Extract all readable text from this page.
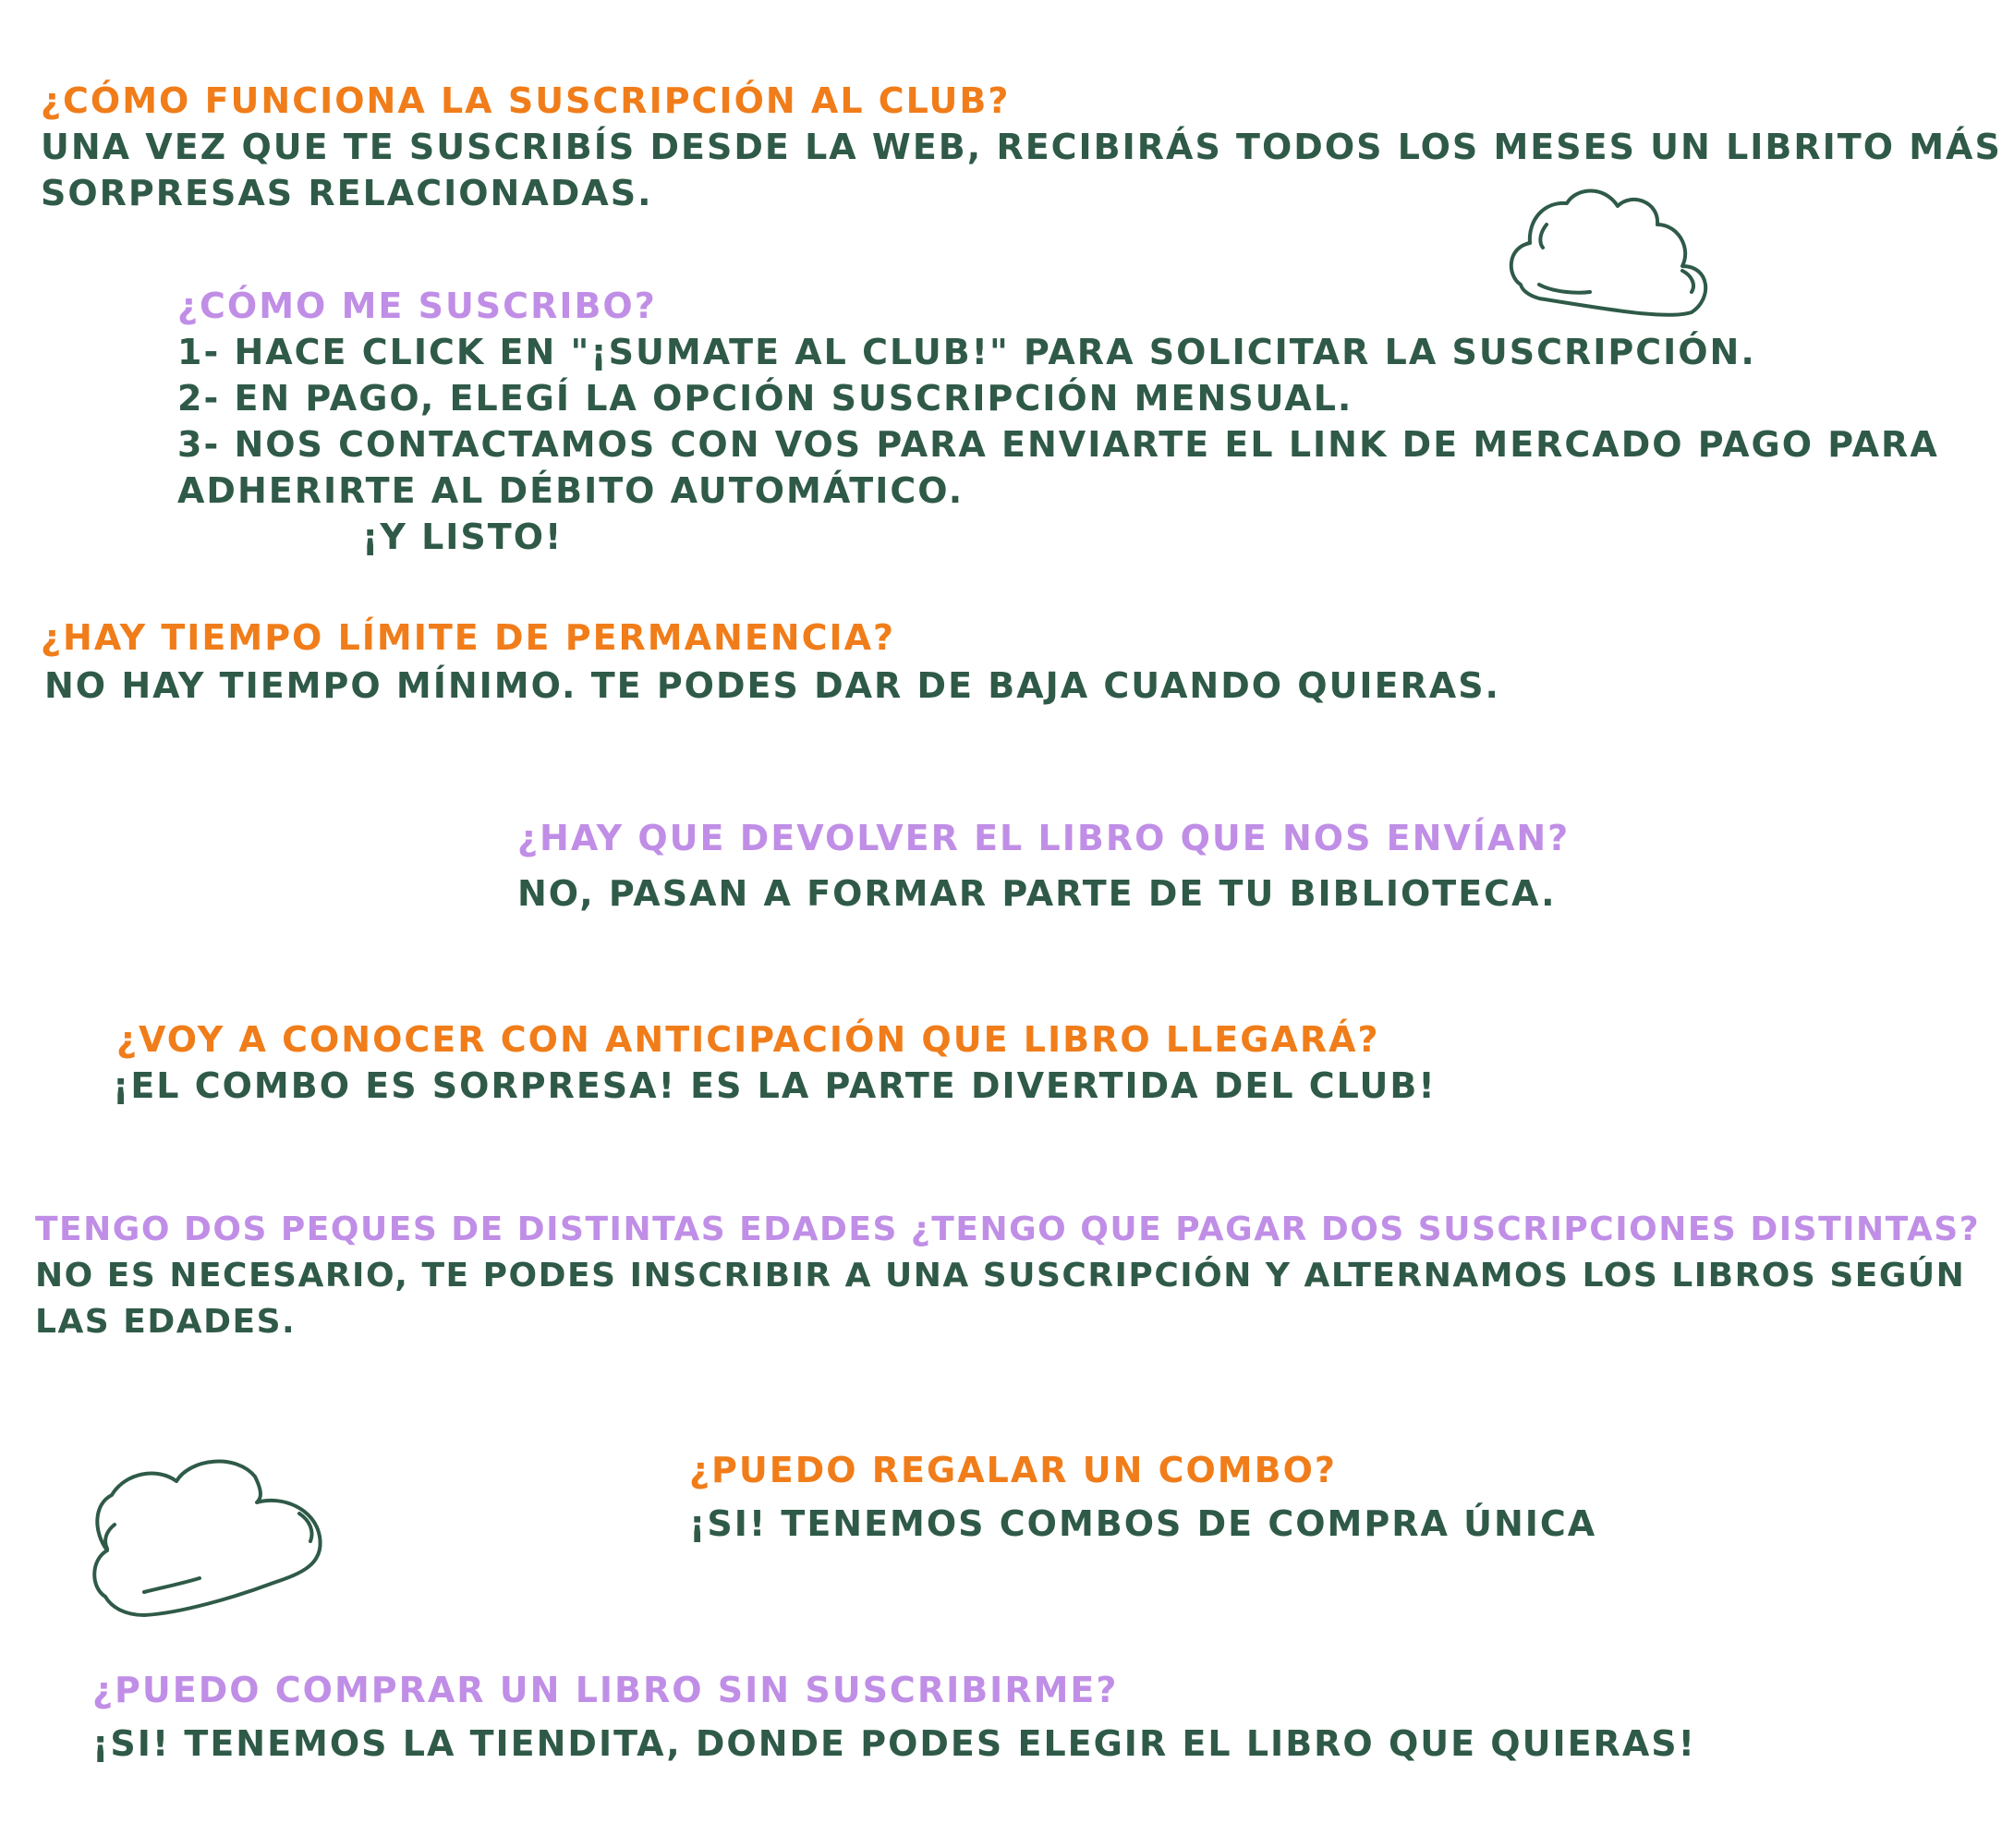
¿CÓMO FUNCIONA LA SUSCRIPCIÓN AL CLUB?
UNA VEZ QUE TE SUSCRIBÍS DESDE LA WEB, RECIBIRÁS TODOS LOS MESES UN LIBRITO MÁS
SORPRESAS RELACIONADAS.
¿CÓMO ME SUSCRIBO?
1- HACE CLICK EN "¡SUMATE AL CLUB!" PARA SOLICITAR LA SUSCRIPCIÓN.
2- EN PAGO, ELEGÍ LA OPCIÓN SUSCRIPCIÓN MENSUAL.
3- NOS CONTACTAMOS CON VOS PARA ENVIARTE EL LINK DE MERCADO PAGO PARA
ADHERIRTE AL DÉBITO AUTOMÁTICO.
¡Y LISTO!
¿HAY TIEMPO LÍMITE DE PERMANENCIA?
NO HAY TIEMPO MÍNIMO. TE PODES DAR DE BAJA CUANDO QUIERAS.
¿HAY QUE DEVOLVER EL LIBRO QUE NOS ENVÍAN?
NO, PASAN A FORMAR PARTE DE TU BIBLIOTECA.
¿VOY A CONOCER CON ANTICIPACIÓN QUE LIBRO LLEGARÁ?
¡EL COMBO ES SORPRESA! ES LA PARTE DIVERTIDA DEL CLUB!
TENGO DOS PEQUES DE DISTINTAS EDADES ¿TENGO QUE PAGAR DOS SUSCRIPCIONES DISTINTAS?
NO ES NECESARIO, TE PODES INSCRIBIR A UNA SUSCRIPCIÓN Y ALTERNAMOS LOS LIBROS SEGÚN
LAS EDADES.
¿PUEDO REGALAR UN COMBO?
¡SI! TENEMOS COMBOS DE COMPRA ÚNICA
¿PUEDO COMPRAR UN LIBRO SIN SUSCRIBIRME?
¡SI! TENEMOS LA TIENDITA, DONDE PODES ELEGIR EL LIBRO QUE QUIERAS!
